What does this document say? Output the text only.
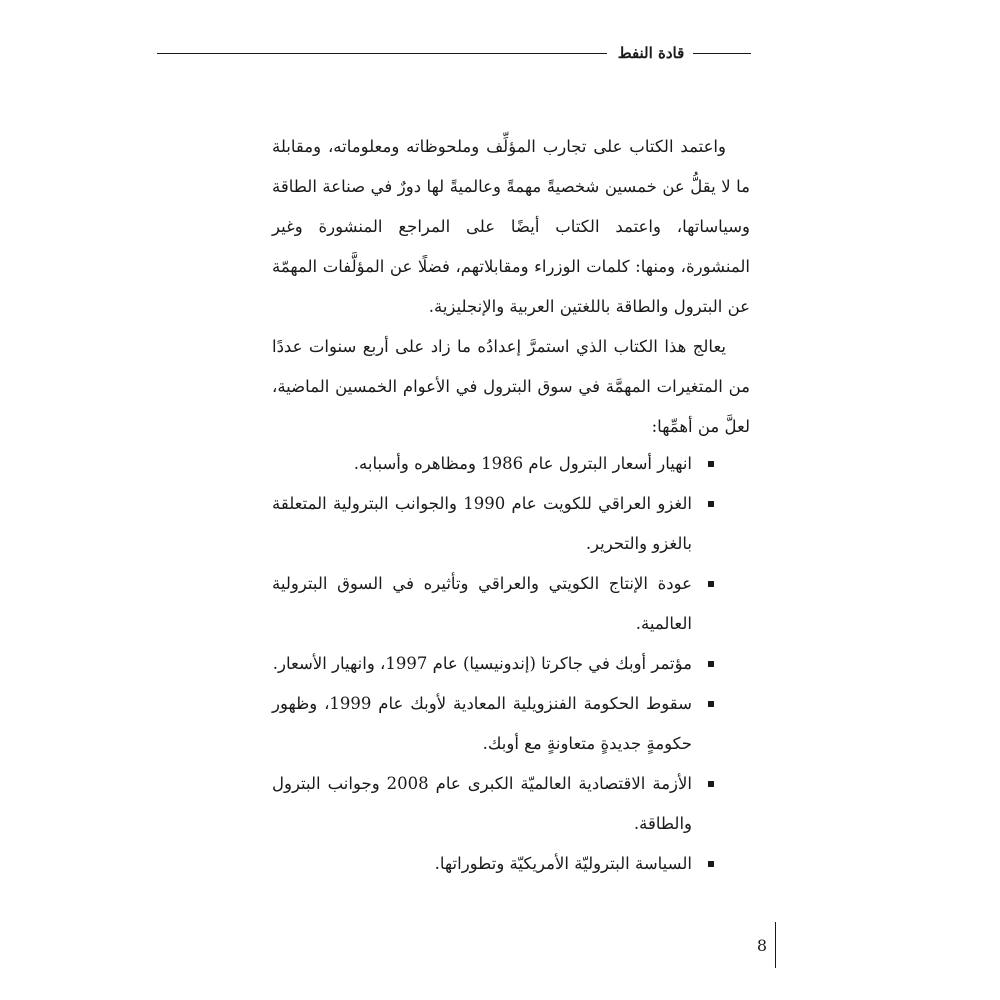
قادة النفط

واعتمد الكتاب على تجارب المؤلِّف وملحوظاته ومعلوماته، ومقابلة ما لا يقلُّ عن خمسين شخصيةً مهمةً وعالميةً لها دورٌ في صناعة الطاقة وسياساتها، واعتمد الكتاب أيضًا على المراجع المنشورة وغير المنشورة، ومنها: كلمات الوزراء ومقابلاتهم، فضلًا عن المؤلَّفات المهمّة عن البترول والطاقة باللغتين العربية والإنجليزية.

يعالج هذا الكتاب الذي استمرَّ إعدادُه ما زاد على أربع سنوات عددًا من المتغيرات المهمَّة في سوق البترول في الأعوام الخمسين الماضية، لعلَّ من أهمِّها:

انهيار أسعار البترول عام 1986 ومظاهره وأسبابه.
الغزو العراقي للكويت عام 1990 والجوانب البترولية المتعلقة بالغزو والتحرير.
عودة الإنتاج الكويتي والعراقي وتأثيره في السوق البترولية العالمية.
مؤتمر أوبك في جاكرتا (إندونيسيا) عام 1997، وانهيار الأسعار.
سقوط الحكومة الفنزويلية المعادية لأوبك عام 1999، وظهور حكومةٍ جديدةٍ متعاونةٍ مع أوبك.
الأزمة الاقتصادية العالميّة الكبرى عام 2008 وجوانب البترول والطاقة.
السياسة البتروليّة الأمريكيّة وتطوراتها.
8
